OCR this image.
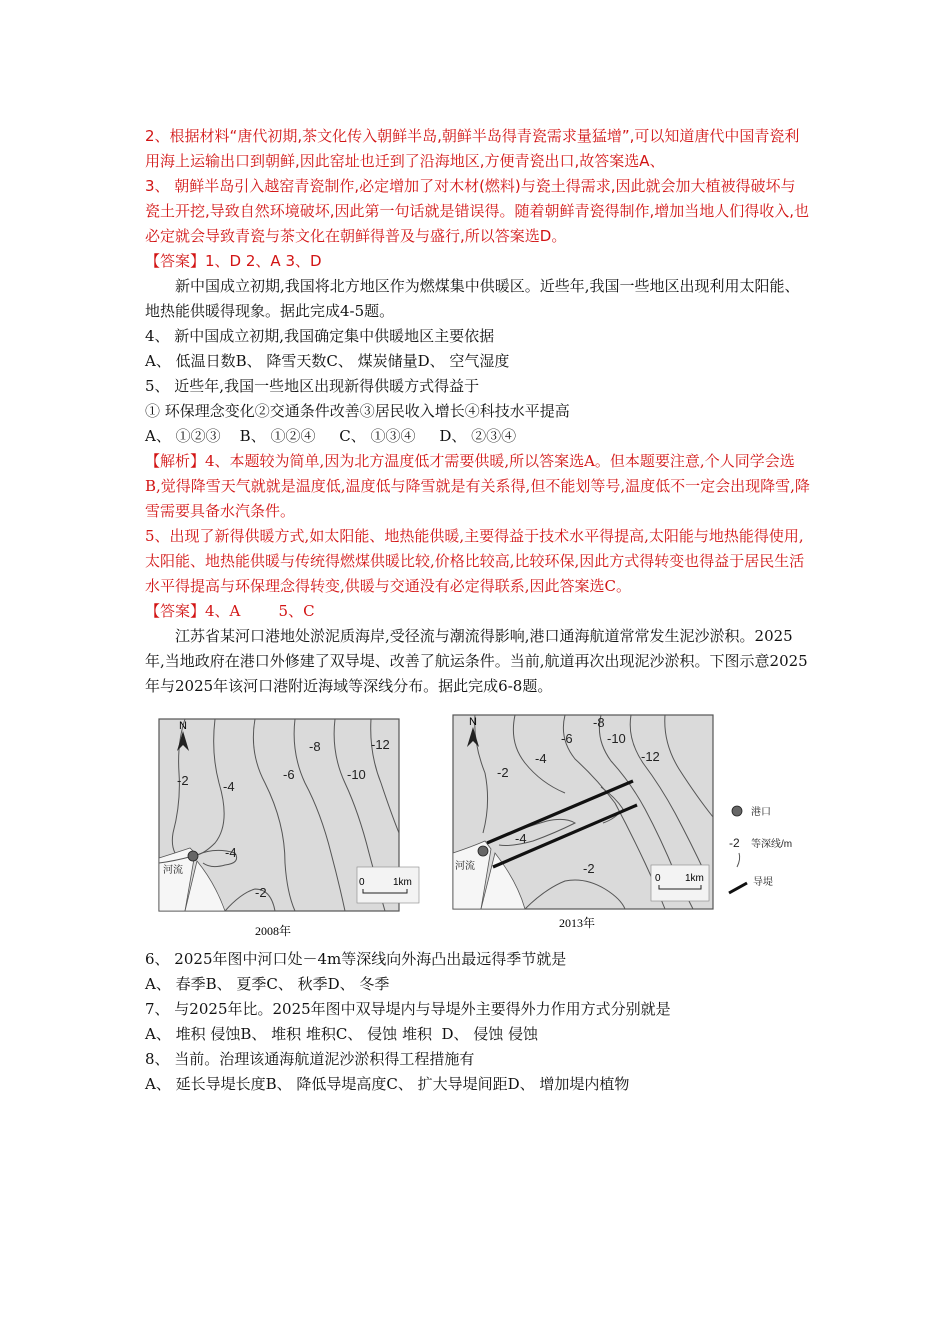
2、根据材料“唐代初期,茶文化传入朝鲜半岛,朝鲜半岛得青瓷需求量猛增”,可以知道唐代中国青瓷利用海上运输出口到朝鲜,因此窑址也迁到了沿海地区,方便青瓷出口,故答案选A、

3、 朝鲜半岛引入越窑青瓷制作,必定增加了对木材(燃料)与瓷土得需求,因此就会加大植被得破坏与瓷土开挖,导致自然环境破坏,因此第一句话就是错误得。随着朝鲜青瓷得制作,增加当地人们得收入,也必定就会导致青瓷与茶文化在朝鲜得普及与盛行,所以答案选D。

【答案】1、D 2、A 3、D

新中国成立初期,我国将北方地区作为燃煤集中供暖区。近些年,我国一些地区出现利用太阳能、地热能供暖得现象。据此完成4-5题。

4、 新中国成立初期,我国确定集中供暖地区主要依据

A、 低温日数B、 降雪天数C、 煤炭储量D、 空气湿度

5、 近些年,我国一些地区出现新得供暖方式得益于

① 环保理念变化②交通条件改善③居民收入增长④科技水平提高

A、 ①②③    B、 ①②④     C、 ①③④     D、 ②③④

【解析】4、本题较为简单,因为北方温度低才需要供暖,所以答案选A。但本题要注意,个人同学会选B,觉得降雪天气就就是温度低,温度低与降雪就是有关系得,但不能划等号,温度低不一定会出现降雪,降雪需要具备水汽条件。

5、出现了新得供暖方式,如太阳能、地热能供暖,主要得益于技术水平得提高,太阳能与地热能得使用,太阳能、地热能供暖与传统得燃煤供暖比较,价格比较高,比较环保,因此方式得转变也得益于居民生活水平得提高与环保理念得转变,供暖与交通没有必定得联系,因此答案选C。

【答案】4、A        5、C

江苏省某河口港地处淤泥质海岸,受径流与潮流得影响,港口通海航道常常发生泥沙淤积。2025年,当地政府在港口外修建了双导堤、改善了航运条件。当前,航道再次出现泥沙淤积。下图示意2025年与2025年该河口港附近海域等深线分布。据此完成6-8题。

N
-2	-4
-6
-8
-10
-12
-4
-2
河流
0	1km
2008年
N
-2
-4
-6
-8
-10
-12
-4
-2
河流
0 1km
2013年
港口
-2 等深线/m
导堤

6、 2025年图中河口处－4m等深线向外海凸出最远得季节就是

A、 春季B、 夏季C、 秋季D、 冬季

7、 与2025年比。2025年图中双导堤内与导堤外主要得外力作用方式分别就是

A、 堆积 侵蚀B、 堆积 堆积C、 侵蚀 堆积  D、 侵蚀 侵蚀

8、 当前。治理该通海航道泥沙淤积得工程措施有

A、 延长导堤长度B、 降低导堤高度C、 扩大导堤间距D、 增加堤内植物
